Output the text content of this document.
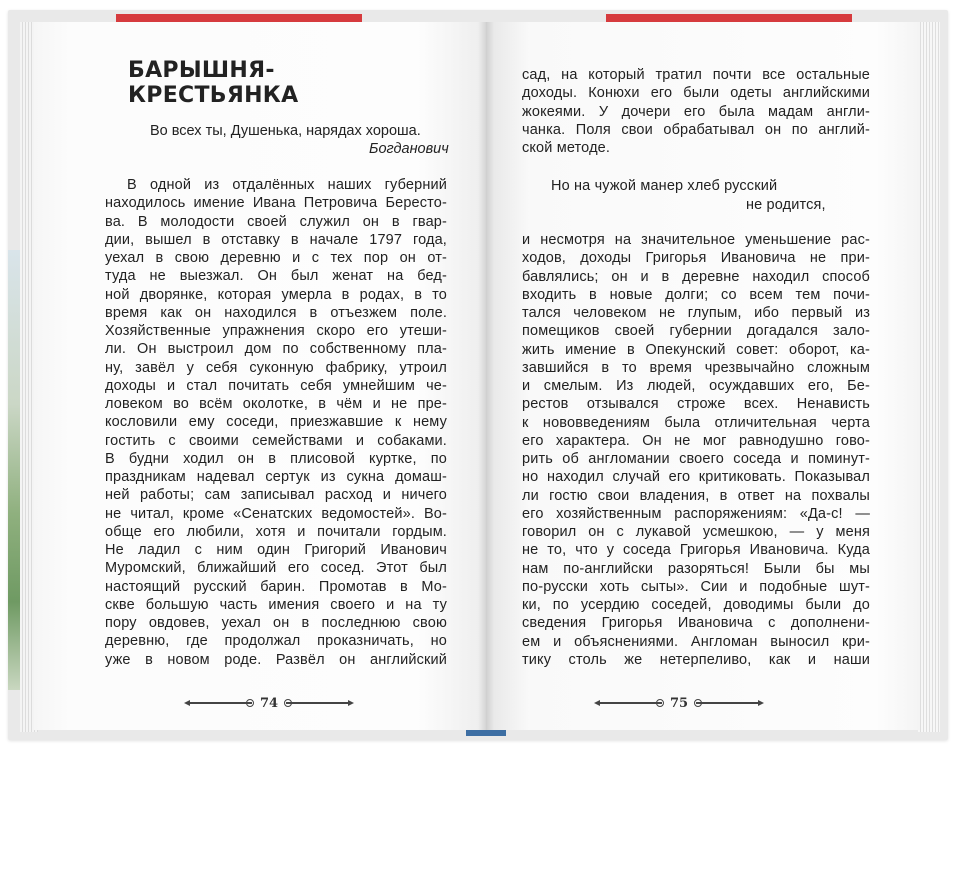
БАРЫШНЯ-КРЕСТЬЯНКА
Во всех ты, Душенька, нарядах хороша.
Богданович
В одной из отдалённых наших губерний
находилось имение Ивана Петровича Бересто-
ва. В молодости своей служил он в гвар-
дии, вышел в отставку в начале 1797 года,
уехал в свою деревню и с тех пор он от-
туда не выезжал. Он был женат на бед-
ной дворянке, которая умерла в родах, в то
время как он находился в отъезжем поле.
Хозяйственные упражнения скоро его утеши-
ли. Он выстроил дом по собственному пла-
ну, завёл у себя суконную фабрику, утроил
доходы и стал почитать себя умнейшим че-
ловеком во всём околотке, в чём и не пре-
кословили ему соседи, приезжавшие к нему
гостить с своими семействами и собаками.
В будни ходил он в плисовой куртке, по
праздникам надевал сертук из сукна домаш-
ней работы; сам записывал расход и ничего
не читал, кроме «Сенатских ведомостей». Во-
обще его любили, хотя и почитали гордым.
Не ладил с ним один Григорий Иванович
Муромский, ближайший его сосед. Этот был
настоящий русский барин. Промотав в Мо-
скве большую часть имения своего и на ту
пору овдовев, уехал он в последнюю свою
деревню, где продолжал проказничать, но
уже в новом роде. Развёл он английский
74
сад, на который тратил почти все остальные
доходы. Конюхи его были одеты английскими
жокеями. У дочери его была мадам англи-
чанка. Поля свои обрабатывал он по англий-
ской методе.
Но на чужой манер хлеб русский
не родится,
и несмотря на значительное уменьшение рас-
ходов, доходы Григорья Ивановича не при-
бавлялись; он и в деревне находил способ
входить в новые долги; со всем тем почи-
тался человеком не глупым, ибо первый из
помещиков своей губернии догадался зало-
жить имение в Опекунский совет: оборот, ка-
завшийся в то время чрезвычайно сложным
и смелым. Из людей, осуждавших его, Бе-
рестов отзывался строже всех. Ненависть
к нововведениям была отличительная черта
его характера. Он не мог равнодушно гово-
рить об англомании своего соседа и поминут-
но находил случай его критиковать. Показывал
ли гостю свои владения, в ответ на похвалы
его хозяйственным распоряжениям: «Да-с! —
говорил он с лукавой усмешкою, — у меня
не то, что у соседа Григорья Ивановича. Куда
нам по-английски разоряться! Были бы мы
по-русски хоть сыты». Сии и подобные шут-
ки, по усердию соседей, доводимы были до
сведения Григорья Ивановича с дополнени-
ем и объяснениями. Англоман выносил кри-
тику столь же нетерпеливо, как и наши
75
